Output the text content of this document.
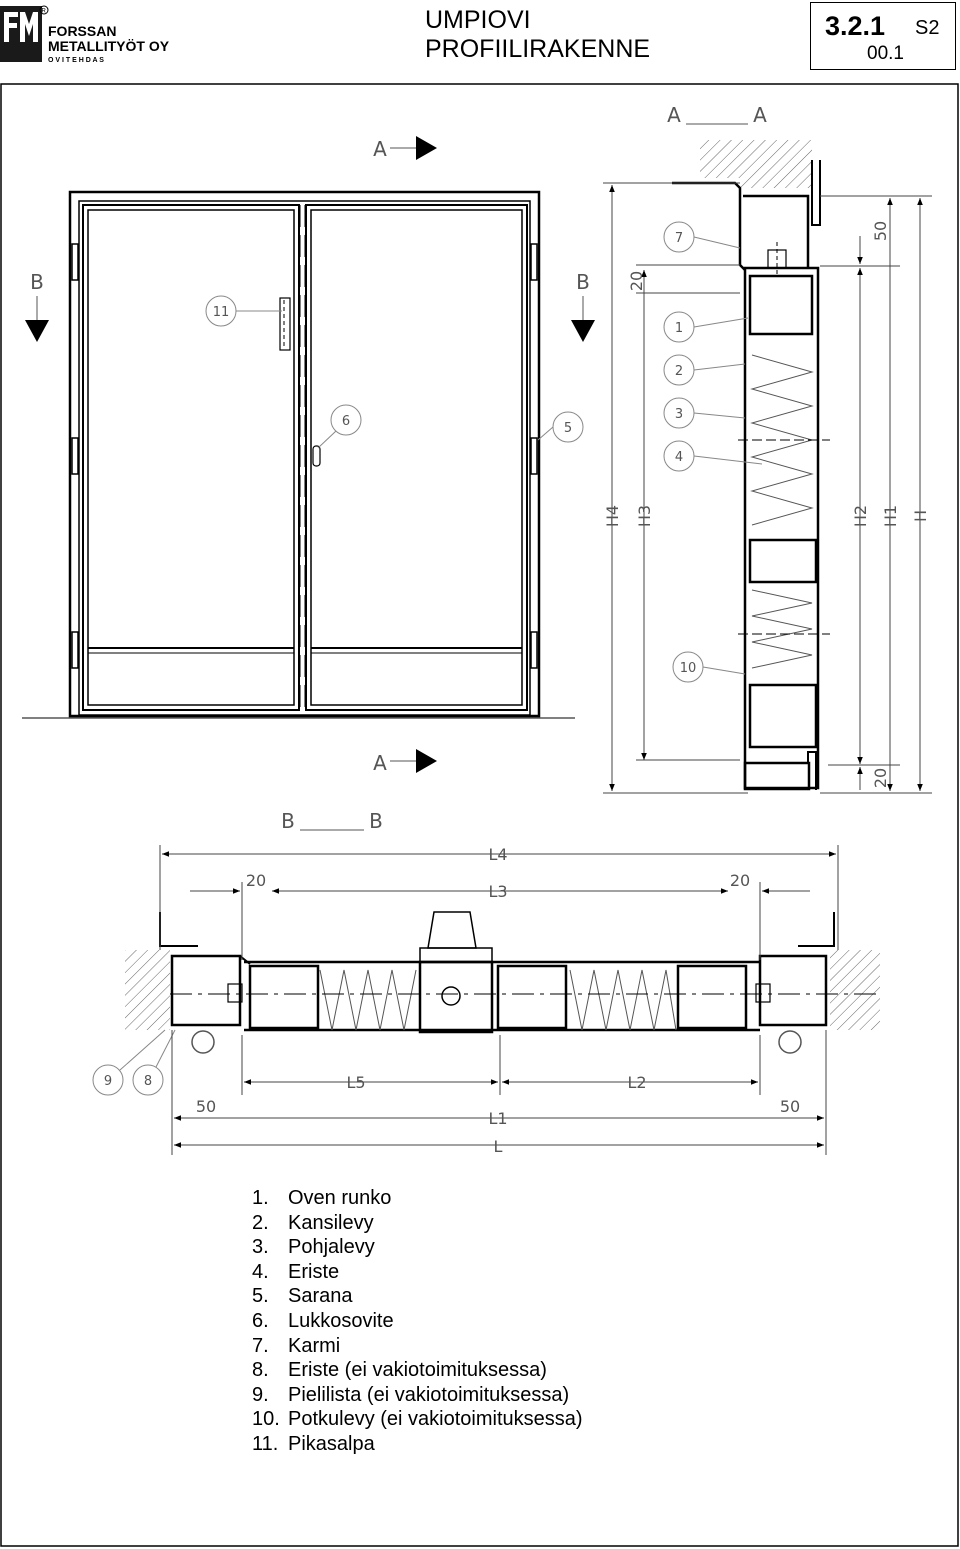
R
FORSSAN
METALLITYÖT OY
O V I T E H D A S
UMPIOVI
PROFIILIRAKENNE
3.2.1 S2
00.1
11
6	5
A
A
B	B
A	A
7
1
2
3
4
10
H4 H3
20
H2 H1 H
50
20
B	B
9 8
L4
L3
20	20
L5	L2
L1
L
50	50
1. Oven runko
2. Kansilevy
3. Pohjalevy
4. Eriste
5. Sarana
6. Lukkosovite
7. Karmi
8. Eriste (ei vakiotoimituksessa)
9. Pielilista (ei vakiotoimituksessa)
10. Potkulevy (ei vakiotoimituksessa)
11. Pikasalpa
